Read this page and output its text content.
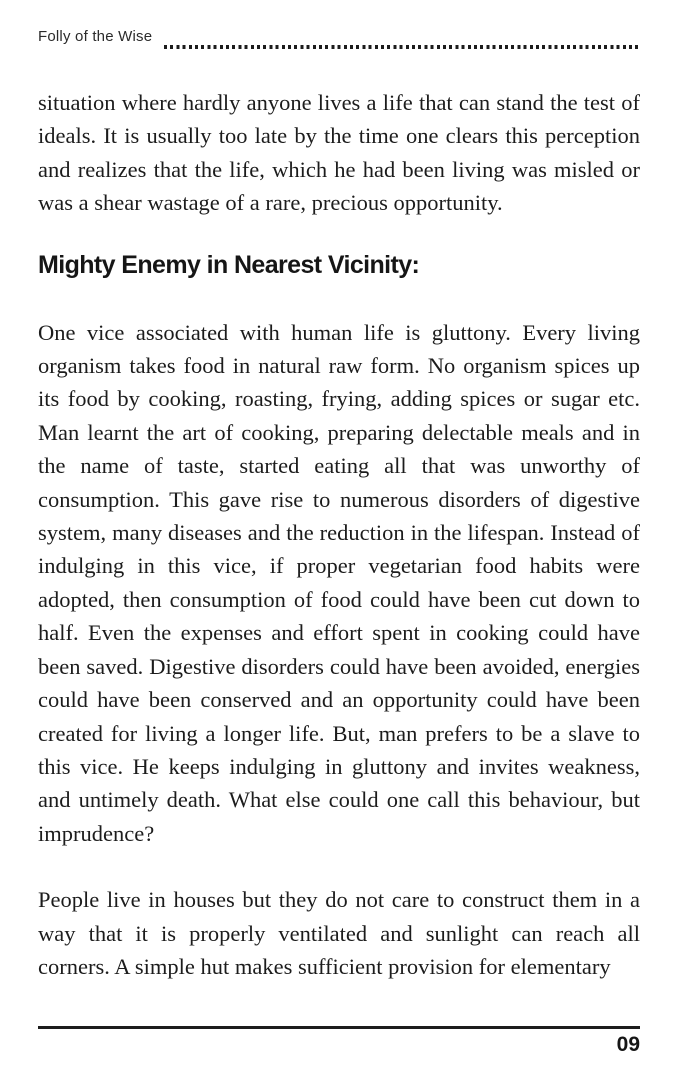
Folly of the Wise

situation where hardly anyone lives a life that can stand the test of ideals. It is usually too late by the time one clears this perception and realizes that the life, which he had been living was misled or was a shear wastage of a rare, precious opportunity.

Mighty Enemy in Nearest Vicinity:

One vice associated with human life is gluttony. Every living organism takes food in natural raw form. No organism spices up its food by cooking, roasting, frying, adding spices or sugar etc. Man learnt the art of cooking, preparing delectable meals and in the name of taste, started eating all that was unworthy of consumption. This gave rise to numerous disorders of digestive system, many diseases and the reduction in the lifespan. Instead of indulging in this vice, if proper vegetarian food habits were adopted, then consumption of food could have been cut down to half. Even the expenses and effort spent in cooking could have been saved. Digestive disorders could have been avoided, energies could have been conserved and an opportunity could have been created for living a longer life. But, man prefers to be a slave to this vice. He keeps indulging in gluttony and invites weakness, and untimely death. What else could one call this behaviour, but imprudence?

People live in houses but they do not care to construct them in a way that it is properly ventilated and sunlight can reach all corners. A simple hut makes sufficient provision for elementary

09
